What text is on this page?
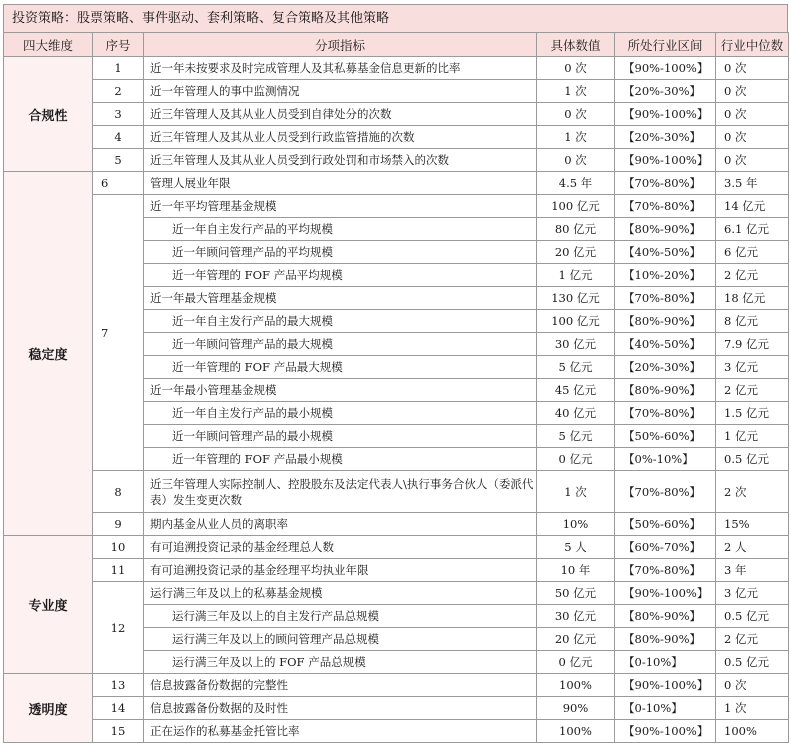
投资策略：股票策略、事件驱动、套利策略、复合策略及其他策略
四大维度	序号	分项指标	具体数值	所处行业区间	行业中位数
合规性	1	近一年未按要求及时完成管理人及其私募基金信息更新的比率	0 次	【90%-100%】	0 次
	2	近一年管理人的事中监测情况	1 次	【20%-30%】	0 次
	3	近三年管理人及其从业人员受到自律处分的次数	0 次	【90%-100%】	0 次
	4	近三年管理人及其从业人员受到行政监管措施的次数	1 次	【20%-30%】	0 次
	5	近三年管理人及其从业人员受到行政处罚和市场禁入的次数	0 次	【90%-100%】	0 次
稳定度	6	管理人展业年限	4.5 年	【70%-80%】	3.5 年
	7	近一年平均管理基金规模	100 亿元	【70%-80%】	14 亿元
		近一年自主发行产品的平均规模	80 亿元	【80%-90%】	6.1 亿元
		近一年顾问管理产品的平均规模	20 亿元	【40%-50%】	6 亿元
		近一年管理的 FOF 产品平均规模	1 亿元	【10%-20%】	2 亿元
		近一年最大管理基金规模	130 亿元	【70%-80%】	18 亿元
		近一年自主发行产品的最大规模	100 亿元	【80%-90%】	8 亿元
		近一年顾问管理产品的最大规模	30 亿元	【40%-50%】	7.9 亿元
		近一年管理的 FOF 产品最大规模	5 亿元	【20%-30%】	3 亿元
		近一年最小管理基金规模	45 亿元	【80%-90%】	2 亿元
		近一年自主发行产品的最小规模	40 亿元	【70%-80%】	1.5 亿元
		近一年顾问管理产品的最小规模	5 亿元	【50%-60%】	1 亿元
		近一年管理的 FOF 产品最小规模	0 亿元	【0%-10%】	0.5 亿元
	8	近三年管理人实际控制人、控股股东及法定代表人\执行事务合伙人（委派代表）发生变更次数	1 次	【70%-80%】	2 次
	9	期内基金从业人员的离职率	10%	【50%-60%】	15%
专业度	10	有可追溯投资记录的基金经理总人数	5 人	【60%-70%】	2 人
	11	有可追溯投资记录的基金经理平均执业年限	10 年	【70%-80%】	3 年
	12	运行满三年及以上的私募基金规模	50 亿元	【90%-100%】	3 亿元
		运行满三年及以上的自主发行产品总规模	30 亿元	【80%-90%】	0.5 亿元
		运行满三年及以上的顾问管理产品总规模	20 亿元	【80%-90%】	2 亿元
		运行满三年及以上的 FOF 产品总规模	0 亿元	【0-10%】	0.5 亿元
透明度	13	信息披露备份数据的完整性	100%	【90%-100%】	0 次
	14	信息披露备份数据的及时性	90%	【0-10%】	1 次
	15	正在运作的私募基金托管比率	100%	【90%-100%】	100%
